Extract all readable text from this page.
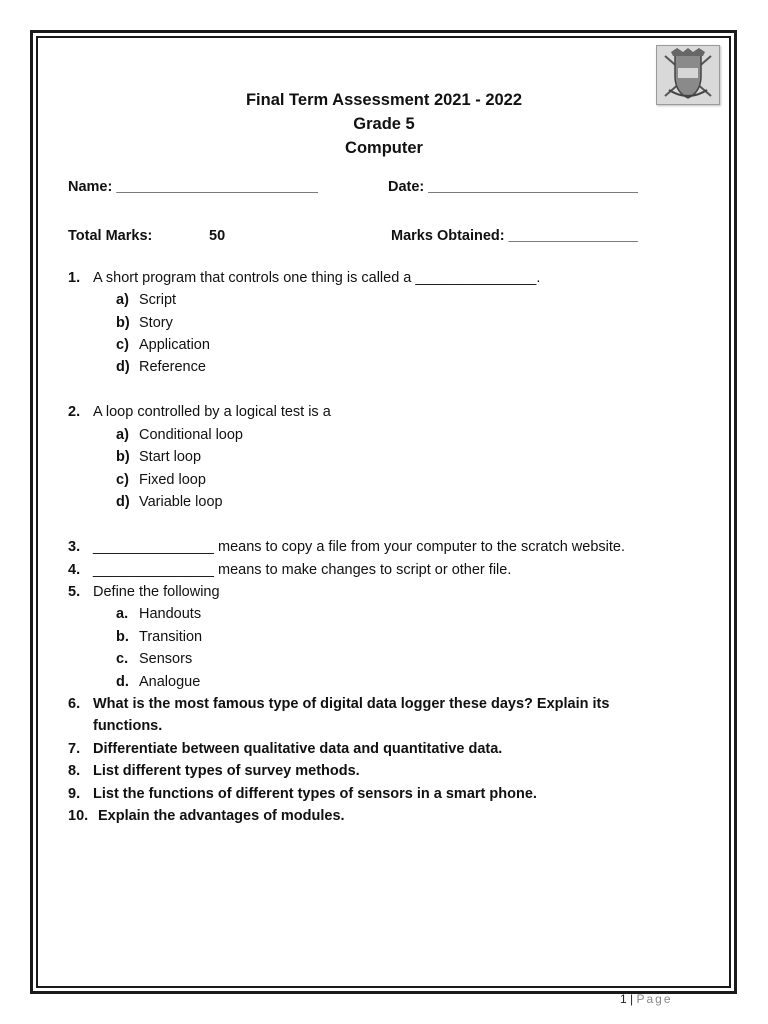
Final Term Assessment 2021 - 2022
Grade 5
Computer
Name: _________________________	Date: __________________________
Total Marks:	50	Marks Obtained: ________________
1. A short program that controls one thing is called a _______________.
a) Script
b) Story
c) Application
d) Reference
2. A loop controlled by a logical test is a
a) Conditional loop
b) Start loop
c) Fixed loop
d) Variable loop
3. _______________ means to copy a file from your computer to the scratch website.
4. _______________ means to make changes to script or other file.
5. Define the following
a. Handouts
b. Transition
c. Sensors
d. Analogue
6. What is the most famous type of digital data logger these days? Explain its
functions.
7. Differentiate between qualitative data and quantitative data.
8. List different types of survey methods.
9. List the functions of different types of sensors in a smart phone.
10. Explain the advantages of modules.
1 | Page
